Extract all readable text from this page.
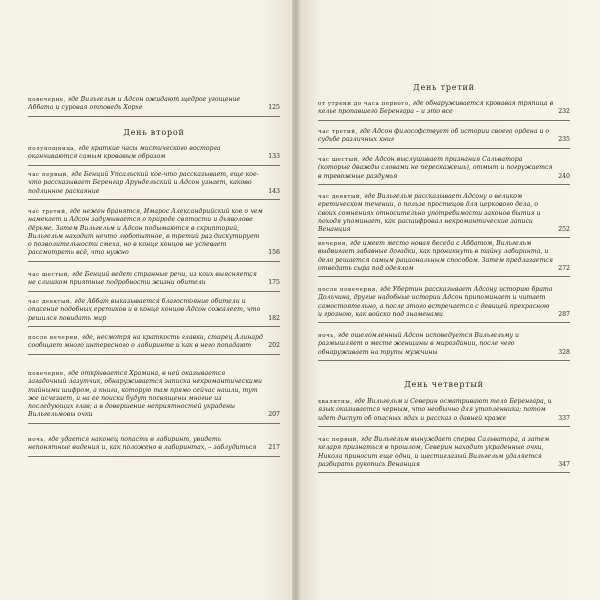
повечерие, где Вильгельм и Адсон ожидают щедрое угощение Аббата и суровая отповедь Хорхе	125
День второй
полунощница, где краткие часы мистического восторга оканчиваются самым кровавым образом	133
час первый, где Бенций Упсальский кое-что рассказывает, еще кое-что рассказывает Беренгар Арундельский и Адсон узнает, каково подлинное раскаяние	143
час третий, где нежен бранятся, Имарос Александрийский кое о чем намекает и Адсон задумывается о природе святости и дьяволове дёрьме. Затем Вильгельм и Адсон подымаются в скрипторий, Вильгельм находит нечто любопытное, в третий раз дискутирует о позволительности смеха, но в конце концов не успевает рассмотреть всё, что нужно	156
час шестый, где Бенций ведет странные речи, из коих выясняется не слишком приятные подробности жизни обители	175
час девятый, где Аббат выказывается благостояние обители и опасение подобных еретиков и в конце концов Адсон сожалеет, что решился повидать мир	182
после вечерни, где, несмотря на краткость главки, старец Алинард сообщает много интересного о лабиринте и как в него попадают	202
повечерие, где открывается Храмина, в ней оказывается загадочный лазутчик, обнаруживается записка некромантическими тайными шифром, а книга, которую там прямо сейчас нашли, тут же исчезает, и на ее поиски будут посвящены многие из последующих глав; а в довершение неприятностей украдены Вильгельмовы очки	207
ночь, где удается наконец попасть в лабиринт, увидеть непонятные видения и, как положено в лабиринтах, – заблудиться	217
День третий
от утрени до часа первого, где обнаруживается кровавая тряпица в келье пропавшего Беренгара – и это все	232
час третий, где Адсон философствует об истории своего ордена и о судьбе различных книг	235
час шестый, где Адсон выслушивает признания Сальватора (которые дважды словами не перескажешь), отмыт и погружается в тревожные раздумья	240
час девятый, где Вильгельм рассказывает Адсону о великом еретическом течении, о пользе простецов для церкового дела, о своих сомнениях относительно употребимости законов бытия и походя упоминает, как расшифровал некромантические записи Венанция	252
вечерня, где имеет место новая беседа с Аббатом, Вильгельм выдвигает забавные догадки, как проникнуть в тайну лабиринта, и дело решается самым рациональным способом. Затем предлагается отведать сыра под одеялом	272
после повечерия, где Убертин рассказывает Адсону историю брата Дольчина, другие надобные истории Адсон припоминает и читает самостоятельно, а после этого встречается с девицей прекрасною и грозною, как войско под знаменами	287
ночь, где ошеломленный Адсон исповедуется Вильгельму и размышляет о месте женщины в мироздании, после чего обнаруживает на трупы мужчины	328
День четвертый
хвалитны, где Вильгельм и Северин осматривают тело Беренгара, и язык оказывается черным, что необычно для утопленника; потом идет диспут об опасных ядах и рассказ о давней краже	337
час первый, где Вильгельм вынуждает сперва Сальватора, а затем келаря признаться в прошлом, Северин находит украденные очки, Никола приносит еще одни, и шестиглазый Вильгельм удаляется разбирать рукопись Венанция	347
